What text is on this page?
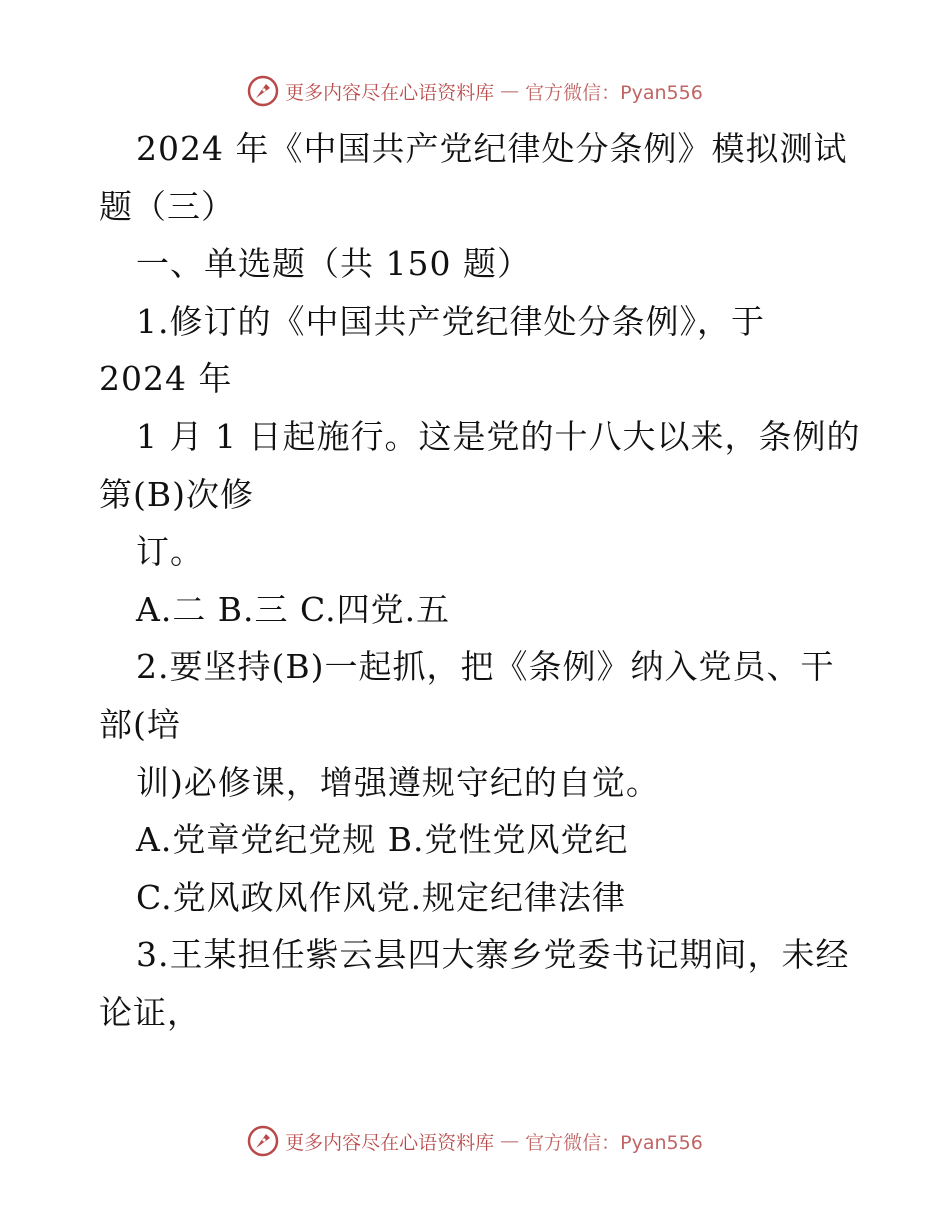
更多内容尽在心语资料库 — 官方微信：Pyan556
2024 年《中国共产党纪律处分条例》模拟测试
题（三）
一、单选题（共 150 题）
1.修订的《中国共产党纪律处分条例》，于
2024 年
1 月 1 日起施行。这是党的十八大以来，条例的
第(B)次修
订。
A.二 B.三 C.四党.五
2.要坚持(B)一起抓，把《条例》纳入党员、干
部(培
训)必修课，增强遵规守纪的自觉。
A.党章党纪党规 B.党性党风党纪
C.党风政风作风党.规定纪律法律
3.王某担任紫云县四大寨乡党委书记期间，未经
论证，
更多内容尽在心语资料库 — 官方微信：Pyan556
